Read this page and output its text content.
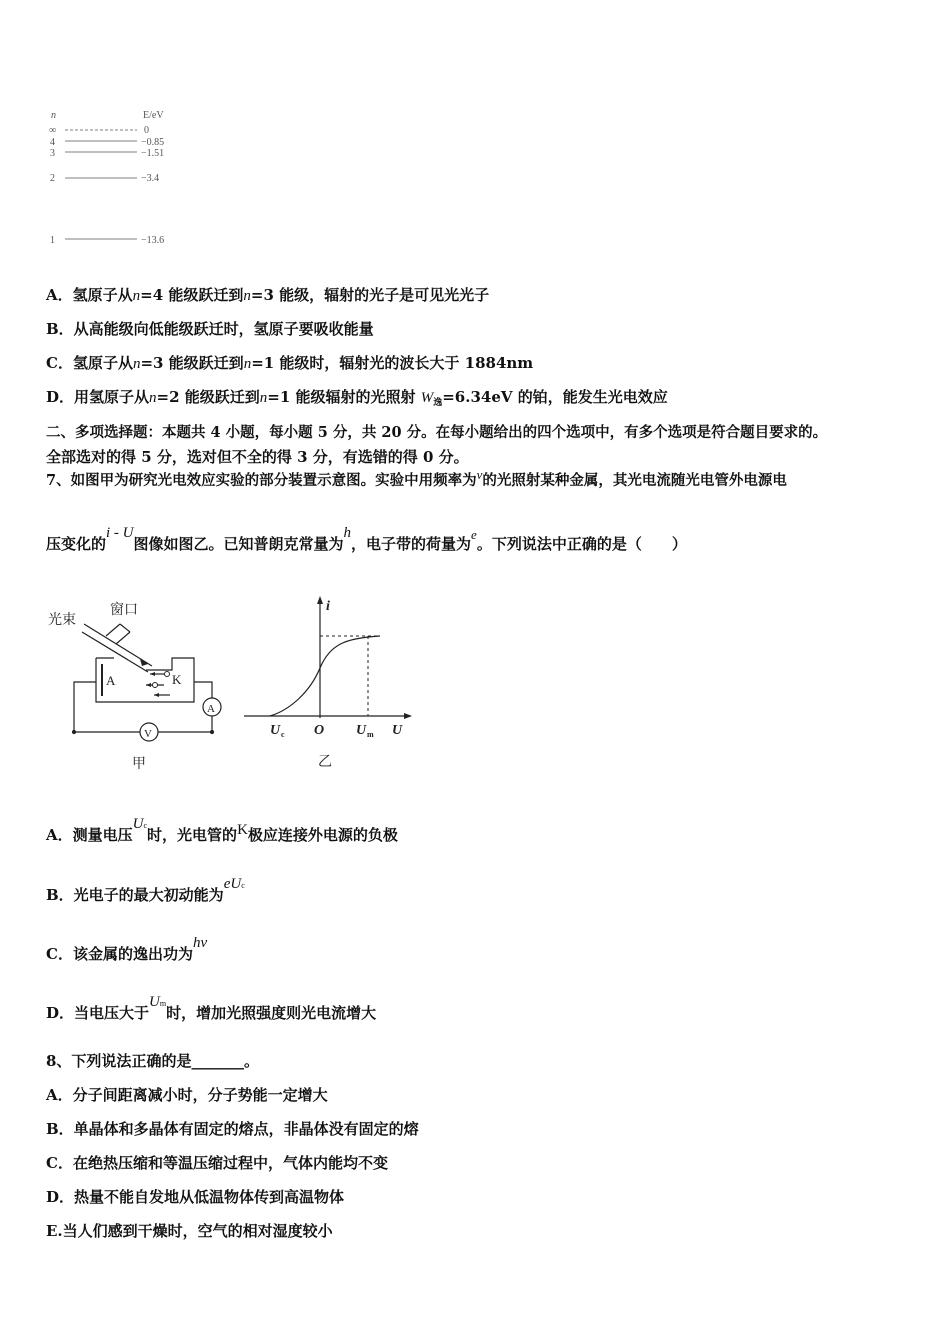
n	E/eV
∞	0
4	−0.85
3	−1.51
2	−3.4
1	−13.6
A．氢原子从n=4 能级跃迁到n=3 能级，辐射的光子是可见光光子
B．从高能级向低能级跃迁时，氢原子要吸收能量
C．氢原子从n=3 能级跃迁到n=1 能级时，辐射光的波长大于 1884nm
D．用氢原子从n=2 能级跃迁到n=1 能级辐射的光照射 $W_逸=6.34eV$ 的铂，能发生光电效应
二、多项选择题：本题共 4 小题，每小题 5 分，共 20 分。在每小题给出的四个选项中，有多个选项是符合题目要求的。
全部选对的得 5 分，选对但不全的得 3 分，有选错的得 0 分。
7、如图甲为研究光电效应实验的部分装置示意图。实验中用频率为ν的光照射某种金属，其光电流随光电管外电源电
压变化的i - U图像如图乙。已知普朗克常量为h，电子带的荷量为e。下列说法中正确的是（　　）
光束
窗口
A	K
V
A
甲
i
U
U c O U m
乙
A．测量电压Uc时，光电管的K极应连接外电源的负极
B．光电子的最大初动能为eUc
C．该金属的逸出功为hν
D．当电压大于Um时，增加光照强度则光电流增大
8、下列说法正确的是_______。
A．分子间距离减小时，分子势能一定增大
B．单晶体和多晶体有固定的熔点，非晶体没有固定的熔
C．在绝热压缩和等温压缩过程中，气体内能均不变
D．热量不能自发地从低温物体传到高温物体
E.当人们感到干燥时，空气的相对湿度较小
